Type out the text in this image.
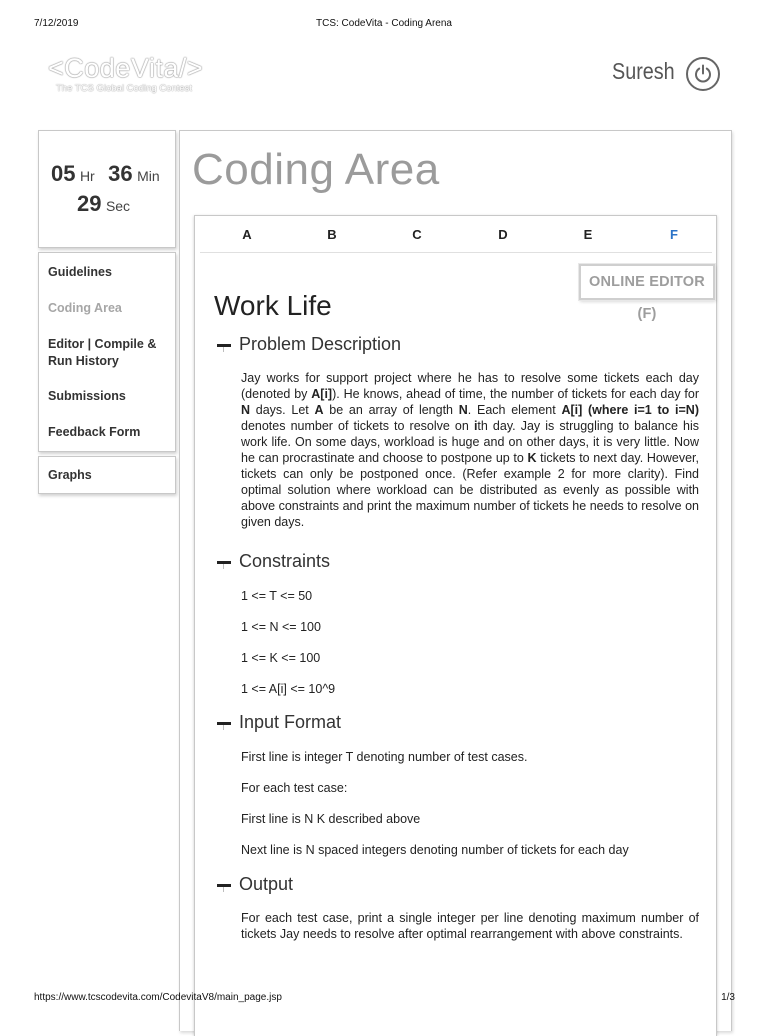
7/12/2019	TCS: CodeVita - Coding Arena
<CodeVita/>
The TCS Global Coding Contest
Suresh
05 Hr 36 Min
29 Sec
Guidelines
Coding Area
Editor | Compile & Run History
Submissions
Feedback Form
Graphs
Coding Area
A	B	C	D	E	F
ONLINE EDITOR (F)
Work Life
Problem Description

Jay works for support project where he has to resolve some tickets each day (denoted by A[i]). He knows, ahead of time, the number of tickets for each day for N days. Let A be an array of length N. Each element A[i] (where i=1 to i=N) denotes number of tickets to resolve on ith day. Jay is struggling to balance his work life. On some days, workload is huge and on other days, it is very little. Now he can procrastinate and choose to postpone up to K tickets to next day. However, tickets can only be postponed once. (Refer example 2 for more clarity). Find optimal solution where workload can be distributed as evenly as possible with above constraints and print the maximum number of tickets he needs to resolve on given days.

Constraints
1 <= T <= 50
1 <= N <= 100
1 <= K <= 100
1 <= A[i] <= 10^9
Input Format
First line is integer T denoting number of test cases.
For each test case:
First line is N K described above
Next line is N spaced integers denoting number of tickets for each day
Output

For each test case, print a single integer per line denoting maximum number of tickets Jay needs to resolve after optimal rearrangement with above constraints.

https://www.tcscodevita.com/CodevitaV8/main_page.jsp	1/3
